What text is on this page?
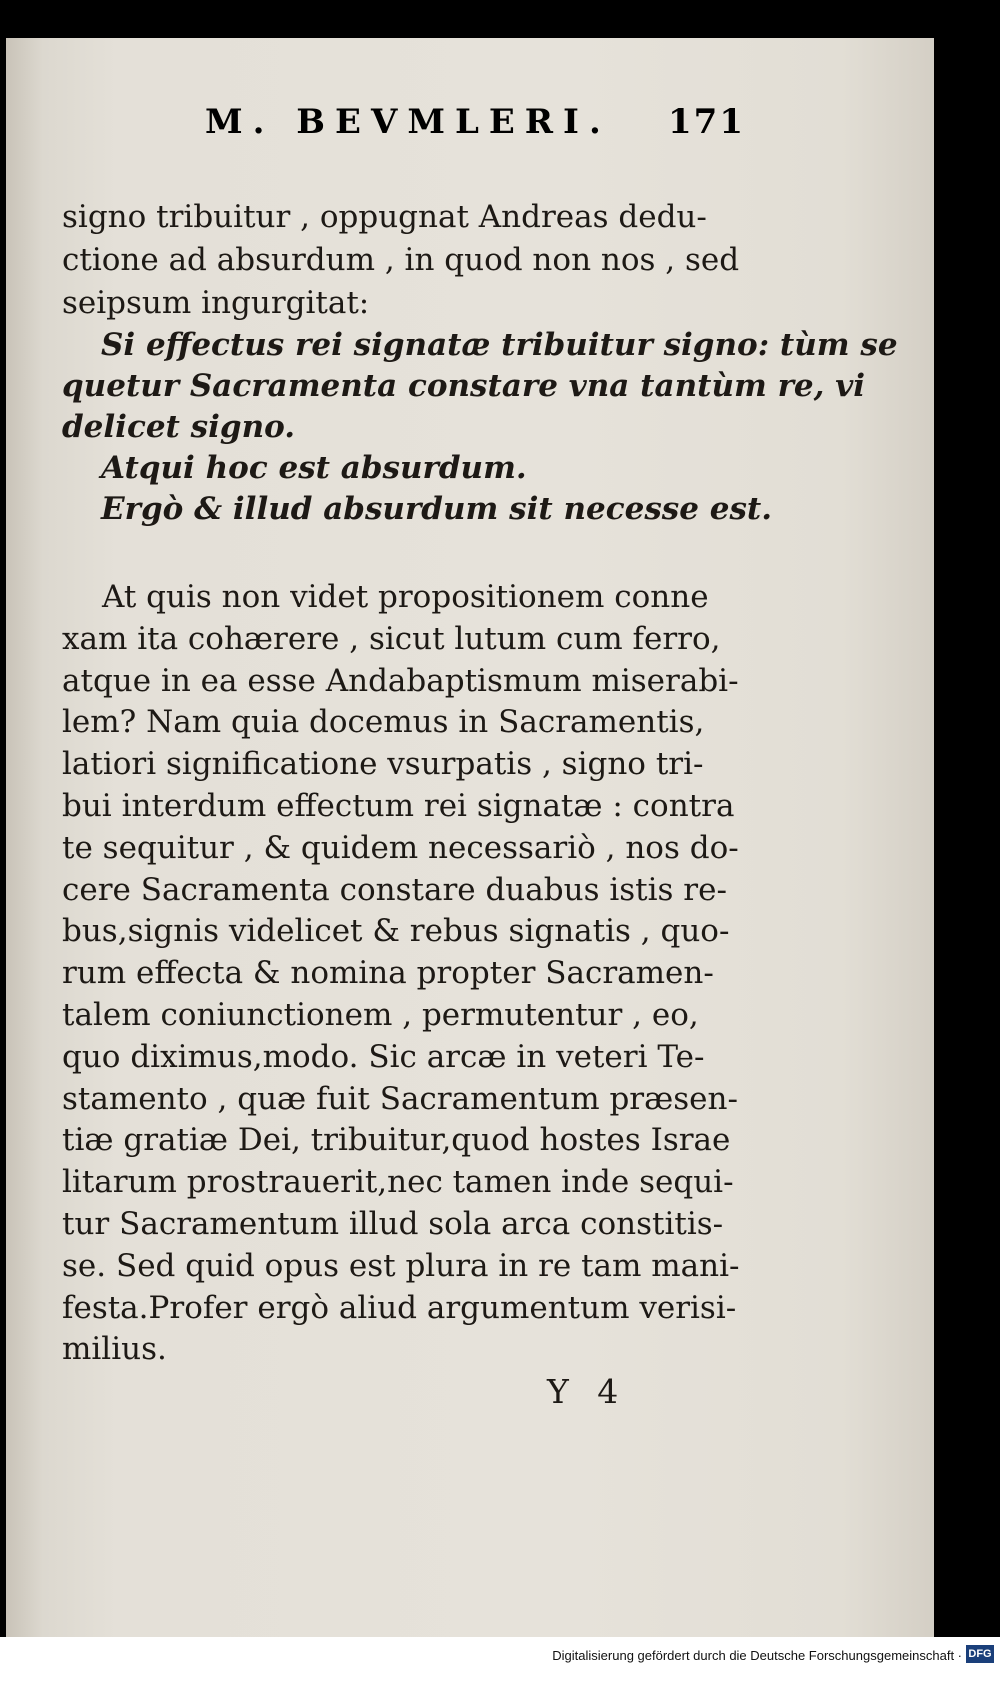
M. BEVMLERI. 171
signo tribuitur , oppugnat Andreas dedu-
ctione ad absurdum , in quod non nos , sed
seipsum ingurgitat:
Si effectus rei signatæ tribuitur signo: tùm se
quetur Sacramenta constare vna tantùm re, vi
delicet signo.
Atqui hoc est absurdum.
Ergò & illud absurdum sit necesse est.
At quis non videt propositionem conne
xam ita cohærere , sicut lutum cum ferro,
atque in ea esse Andabaptismum miserabi-
lem? Nam quia docemus in Sacramentis,
latiori significatione vsurpatis , signo tri-
bui interdum effectum rei signatæ : contra
te sequitur , & quidem necessariò , nos do-
cere Sacramenta constare duabus istis re-
bus,signis videlicet & rebus signatis , quo-
rum effecta & nomina propter Sacramen-
talem coniunctionem , permutentur , eo,
quo diximus,modo. Sic arcæ in veteri Te-
stamento , quæ fuit Sacramentum præsen-
tiæ gratiæ Dei, tribuitur,quod hostes Israe
litarum prostrauerit,nec tamen inde sequi-
tur Sacramentum illud sola arca constitis-
se. Sed quid opus est plura in re tam mani-
festa.Profer ergò aliud argumentum verisi-
milius.
Y 4
Digitalisierung gefördert durch die Deutsche Forschungsgemeinschaft · DFG
